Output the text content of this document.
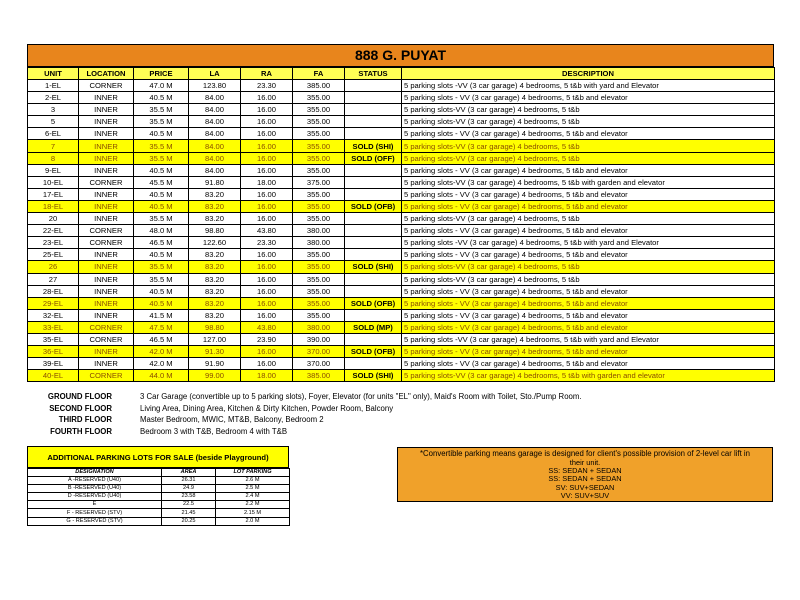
888 G. PUYAT
UNIT	LOCATION	PRICE	LA	RA	FA	STATUS	DESCRIPTION
1-EL	CORNER	47.0 M	123.80	23.30	385.00		5 parking slots -VV (3 car garage) 4 bedrooms, 5 t&b with yard and Elevator
2-EL	INNER	40.5 M	84.00	16.00	355.00		5 parking slots - VV (3 car garage) 4 bedrooms, 5 t&b and elevator
3	INNER	35.5 M	84.00	16.00	355.00		5 parking slots-VV (3 car garage) 4 bedrooms, 5 t&b
5	INNER	35.5 M	84.00	16.00	355.00		5 parking slots-VV (3 car garage) 4 bedrooms, 5 t&b
6-EL	INNER	40.5 M	84.00	16.00	355.00		5 parking slots - VV (3 car garage) 4 bedrooms, 5 t&b and elevator
7	INNER	35.5 M	84.00	16.00	355.00	SOLD (SHI)	5 parking slots-VV (3 car garage) 4 bedrooms, 5 t&b
8	INNER	35.5 M	84.00	16.00	355.00	SOLD (OFF)	5 parking slots-VV (3 car garage) 4 bedrooms, 5 t&b
9-EL	INNER	40.5 M	84.00	16.00	355.00		5 parking slots - VV (3 car garage) 4 bedrooms, 5 t&b and elevator
10-EL	CORNER	45.5 M	91.80	18.00	375.00		5 parking slots-VV (3 car garage) 4 bedrooms, 5 t&b with garden and elevator
17-EL	INNER	40.5 M	83.20	16.00	355.00		5 parking slots - VV (3 car garage) 4 bedrooms, 5 t&b and elevator
18-EL	INNER	40.5 M	83.20	16.00	355.00	SOLD (OFB)	5 parking slots - VV (3 car garage) 4 bedrooms, 5 t&b and elevator
20	INNER	35.5 M	83.20	16.00	355.00		5 parking slots-VV (3 car garage) 4 bedrooms, 5 t&b
22-EL	CORNER	48.0 M	98.80	43.80	380.00		5 parking slots - VV (3 car garage) 4 bedrooms, 5 t&b and elevator
23-EL	CORNER	46.5 M	122.60	23.30	380.00		5 parking slots -VV (3 car garage) 4 bedrooms, 5 t&b with yard and Elevator
25-EL	INNER	40.5 M	83.20	16.00	355.00		5 parking slots - VV (3 car garage) 4 bedrooms, 5 t&b and elevator
26	INNER	35.5 M	83.20	16.00	355.00	SOLD (SHI)	5 parking slots-VV (3 car garage) 4 bedrooms, 5 t&b
27	INNER	35.5 M	83.20	16.00	355.00		5 parking slots-VV (3 car garage) 4 bedrooms, 5 t&b
28-EL	INNER	40.5 M	83.20	16.00	355.00		5 parking slots - VV (3 car garage) 4 bedrooms, 5 t&b and elevator
29-EL	INNER	40.5 M	83.20	16.00	355.00	SOLD (OFB)	5 parking slots - VV (3 car garage) 4 bedrooms, 5 t&b and elevator
32-EL	INNER	41.5 M	83.20	16.00	355.00		5 parking slots - VV (3 car garage) 4 bedrooms, 5 t&b and elevator
33-EL	CORNER	47.5 M	98.80	43.80	380.00	SOLD (MP)	5 parking slots - VV (3 car garage) 4 bedrooms, 5 t&b and elevator
35-EL	CORNER	46.5 M	127.00	23.90	390.00		5 parking slots -VV (3 car garage) 4 bedrooms, 5 t&b with yard and Elevator
36-EL	INNER	42.0 M	91.30	16.00	370.00	SOLD (OFB)	5 parking slots - VV (3 car garage) 4 bedrooms, 5 t&b and elevator
39-EL	INNER	42.0 M	91.90	16.00	370.00		5 parking slots - VV (3 car garage) 4 bedrooms, 5 t&b and elevator
40-EL	CORNER	44.0 M	99.00	18.00	385.00	SOLD (SHI)	5 parking slots-VV (3 car garage) 4 bedrooms, 5 t&b with garden and elevator
GROUND FLOOR	3 Car Garage (convertible up to 5 parking slots), Foyer, Elevator (for units "EL" only), Maid's Room with Toilet, Sto./Pump Room.
SECOND FLOOR	Living Area, Dining Area, Kitchen & Dirty Kitchen, Powder Room, Balcony
THIRD FLOOR	Master Bedroom, MWIC, MT&B, Balcony, Bedroom 2
FOURTH FLOOR	Bedroom 3 with T&B, Bedroom 4 with T&B
ADDITIONAL PARKING LOTS FOR SALE (beside Playground)
DESIGNATION	AREA	LOT PARKING
A -RESERVED (U40)	26.31	2.6 M
B -RESERVED (U40)	24.9	2.5 M
D -RESERVED (U40)	23.58	2.4 M
E	22.5	2.2 M
F - RESERVED (STV)	21.45	2.15 M
G - RESERVED (STV)	20.25	2.0 M
*Convertible parking means garage is designed for client's possible provision of 2-level car lift in
their unit.
SS: SEDAN + SEDAN
SS: SEDAN + SEDAN
SV: SUV+SEDAN
VV: SUV+SUV
